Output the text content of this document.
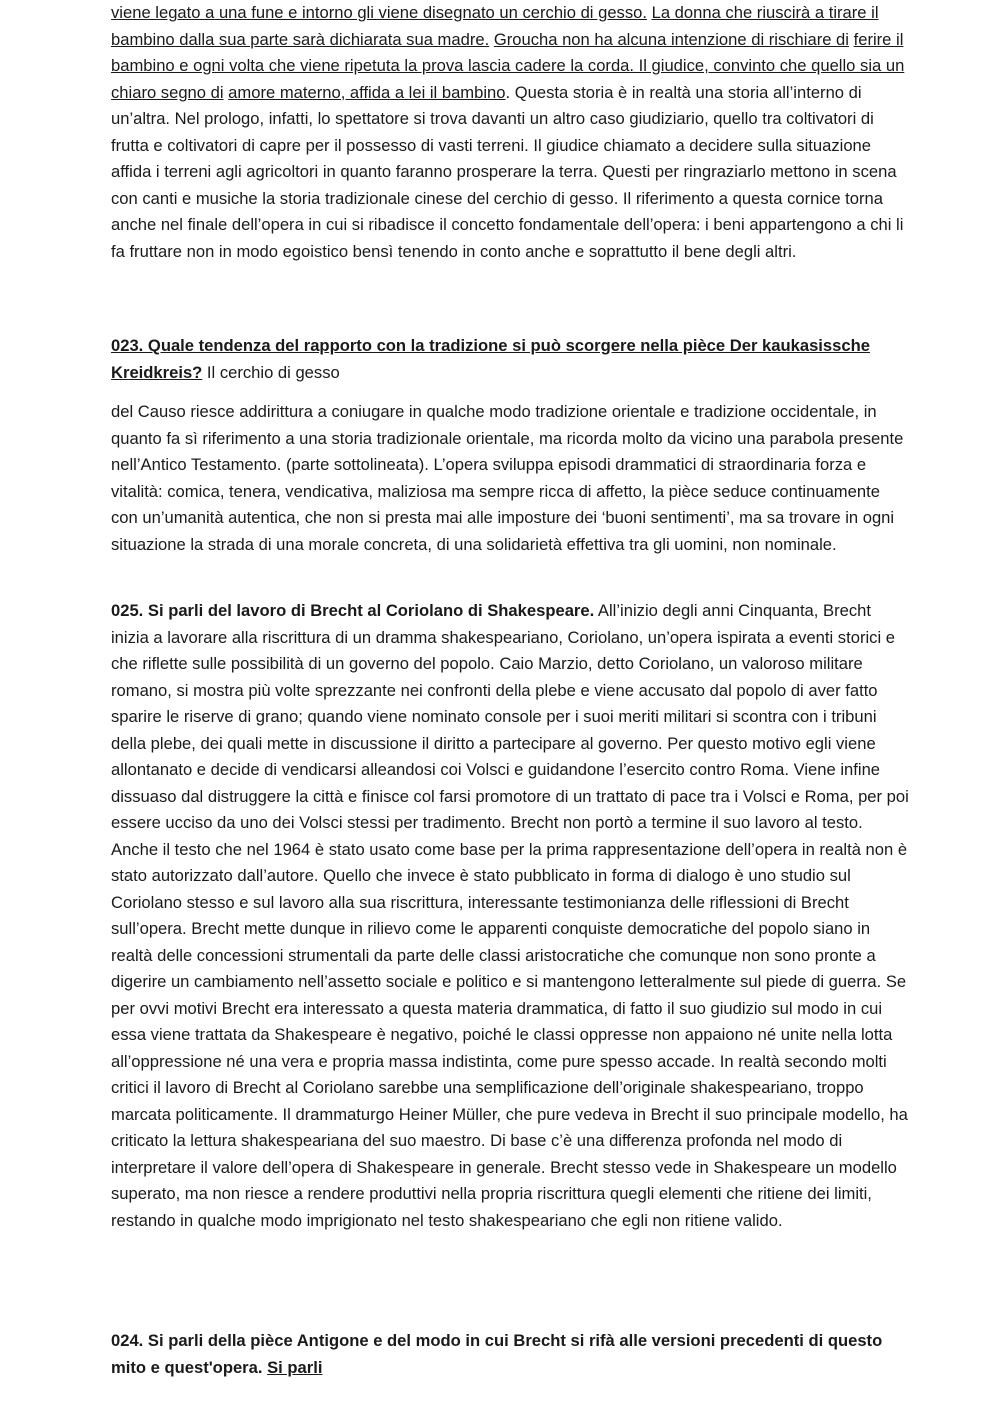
viene legato a una fune e intorno gli viene disegnato un cerchio di gesso. La donna che riuscirà a tirare il bambino dalla sua parte sarà dichiarata sua madre. Groucha non ha alcuna intenzione di rischiare di ferire il bambino e ogni volta che viene ripetuta la prova lascia cadere la corda. Il giudice, convinto che quello sia un chiaro segno di amore materno, affida a lei il bambino. Questa storia è in realtà una storia all’interno di un’altra. Nel prologo, infatti, lo spettatore si trova davanti un altro caso giudiziario, quello tra coltivatori di frutta e coltivatori di capre per il possesso di vasti terreni. Il giudice chiamato a decidere sulla situazione affida i terreni agli agricoltori in quanto faranno prosperare la terra. Questi per ringraziarlo mettono in scena con canti e musiche la storia tradizionale cinese del cerchio di gesso. Il riferimento a questa cornice torna anche nel finale dell’opera in cui si ribadisce il concetto fondamentale dell’opera: i beni appartengono a chi li fa fruttare non in modo egoistico bensì tenendo in conto anche e soprattutto il bene degli altri.

023. Quale tendenza del rapporto con la tradizione si può scorgere nella pièce Der kaukasissche Kreidkreis? Il cerchio di gesso

del Causo riesce addirittura a coniugare in qualche modo tradizione orientale e tradizione occidentale, in quanto fa sì riferimento a una storia tradizionale orientale, ma ricorda molto da vicino una parabola presente nell’Antico Testamento. (parte sottolineata). L’opera sviluppa episodi drammatici di straordinaria forza e vitalità: comica, tenera, vendicativa, maliziosa ma sempre ricca di affetto, la pièce seduce continuamente con un’umanità autentica, che non si presta mai alle imposture dei ‘buoni sentimenti’, ma sa trovare in ogni situazione la strada di una morale concreta, di una solidarietà effettiva tra gli uomini, non nominale.

025. Si parli del lavoro di Brecht al Coriolano di Shakespeare. All’inizio degli anni Cinquanta, Brecht inizia a lavorare alla riscrittura di un dramma shakespeariano, Coriolano, un’opera ispirata a eventi storici e che riflette sulle possibilità di un governo del popolo. Caio Marzio, detto Coriolano, un valoroso militare romano, si mostra più volte sprezzante nei confronti della plebe e viene accusato dal popolo di aver fatto sparire le riserve di grano; quando viene nominato console per i suoi meriti militari si scontra con i tribuni della plebe, dei quali mette in discussione il diritto a partecipare al governo. Per questo motivo egli viene allontanato e decide di vendicarsi alleandosi coi Volsci e guidandone l’esercito contro Roma. Viene infine dissuaso dal distruggere la città e finisce col farsi promotore di un trattato di pace tra i Volsci e Roma, per poi essere ucciso da uno dei Volsci stessi per tradimento. Brecht non portò a termine il suo lavoro al testo. Anche il testo che nel 1964 è stato usato come base per la prima rappresentazione dell’opera in realtà non è stato autorizzato dall’autore. Quello che invece è stato pubblicato in forma di dialogo è uno studio sul Coriolano stesso e sul lavoro alla sua riscrittura, interessante testimonianza delle riflessioni di Brecht sull’opera. Brecht mette dunque in rilievo come le apparenti conquiste democratiche del popolo siano in realtà delle concessioni strumentali da parte delle classi aristocratiche che comunque non sono pronte a digerire un cambiamento nell’assetto sociale e politico e si mantengono letteralmente sul piede di guerra. Se per ovvi motivi Brecht era interessato a questa materia drammatica, di fatto il suo giudizio sul modo in cui essa viene trattata da Shakespeare è negativo, poiché le classi oppresse non appaiono né unite nella lotta all’oppressione né una vera e propria massa indistinta, come pure spesso accade. In realtà secondo molti critici il lavoro di Brecht al Coriolano sarebbe una semplificazione dell’originale shakespeariano, troppo marcata politicamente. Il drammaturgo Heiner Müller, che pure vedeva in Brecht il suo principale modello, ha criticato la lettura shakespeariana del suo maestro. Di base c’è una differenza profonda nel modo di interpretare il valore dell’opera di Shakespeare in generale. Brecht stesso vede in Shakespeare un modello superato, ma non riesce a rendere produttivi nella propria riscrittura quegli elementi che ritiene dei limiti, restando in qualche modo imprigionato nel testo shakespeariano che egli non ritiene valido.

024. Si parli della pièce Antigone e del modo in cui Brecht si rifà alle versioni precedenti di questo mito e quest'opera. Si parli
